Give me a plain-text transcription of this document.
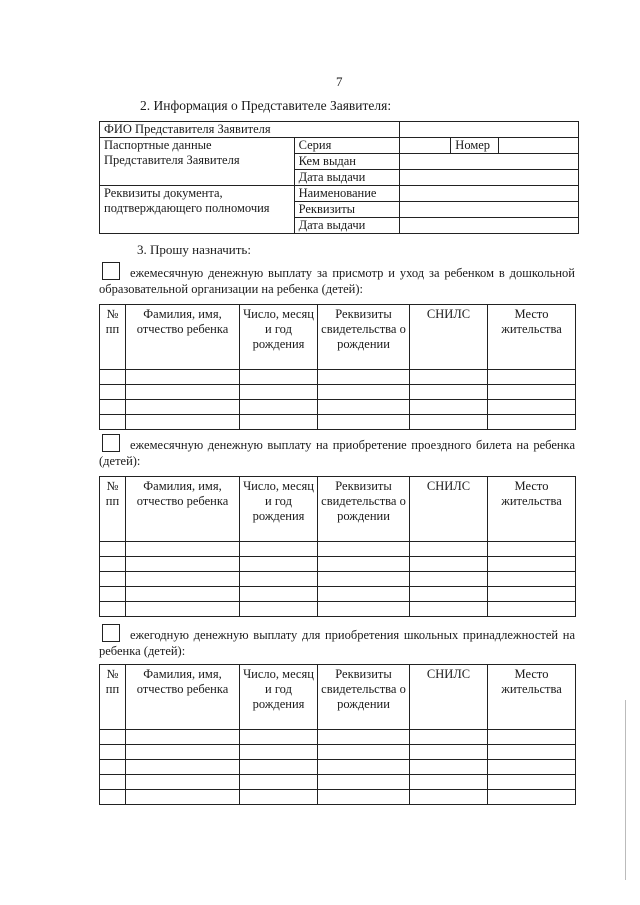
7
2. Информация о Представителе Заявителя:
ФИО Представителя Заявителя				
Паспортные данные Представителя Заявителя	Серия		Номер	
	Кем выдан			
	Дата выдачи			
Реквизиты документа, подтверждающего полномочия	Наименование			
	Реквизиты			
	Дата выдачи			
3. Прошу назначить:
ежемесячную денежную выплату за присмотр и уход за ребенком в дошкольной образовательной организации на ребенка (детей):
№ пп	Фамилия, имя, отчество ребенка	Число, месяц и год рождения	Реквизиты свидетельства о рождении	СНИЛС	Место жительства

ежемесячную денежную выплату на приобретение проездного билета на ребенка (детей):
№ пп	Фамилия, имя, отчество ребенка	Число, месяц и год рождения	Реквизиты свидетельства о рождении	СНИЛС	Место жительства

ежегодную денежную выплату для приобретения школьных принадлежностей на ребенка (детей):
№ пп	Фамилия, имя, отчество ребенка	Число, месяц и год рождения	Реквизиты свидетельства о рождении	СНИЛС	Место жительства
